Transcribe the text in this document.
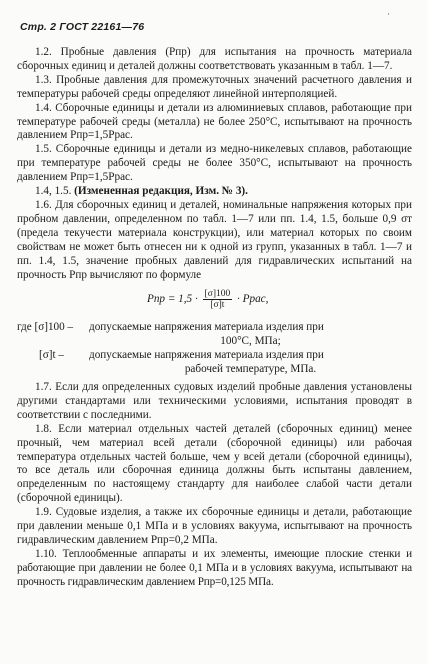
Стр. 2 ГОСТ 22161—76
·

1.2. Пробные давления (Pпр) для испытания на прочность материала сборочных единиц и деталей должны соответствовать указанным в табл. 1—7.

1.3. Пробные давления для промежуточных значений расчетного давления и температуры рабочей среды определяют линейной интерполяцией.

1.4. Сборочные единицы и детали из алюминиевых сплавов, работающие при температуре рабочей среды (металла) не более 250°С, испытывают на прочность давлением Pпр=1,5Pрас.

1.5. Сборочные единицы и детали из медно-никелевых сплавов, работающие при температуре рабочей среды не более 350°С, испытывают на прочность давлением Pпр=1,5Pрас.

1.4, 1.5. (Измененная редакция, Изм. № 3).

1.6. Для сборочных единиц и деталей, номинальные напряжения которых при пробном давлении, определенном по табл. 1—7 или пп. 1.4, 1.5, больше 0,9 σт (предела текучести материала конструкции), или материал которых по своим свойствам не может быть отнесен ни к одной из групп, указанных в табл. 1—7 и пп. 1.4, 1.5, значение пробных давлений для гидравлических испытаний на прочность Pпр вычисляют по формуле

Pпр = $1,5 \cdot \frac{[\sigma]100}{[\sigma]t}$ · Pрас,
где [σ]100 –	допускаемые напряжения материала изделия при
100°С, МПа;
[σ]t –	допускаемые напряжения материала изделия при
рабочей температуре, МПа.

1.7. Если для определенных судовых изделий пробные давления установлены другими стандартами или техническими условиями, испытания проводят в соответствии с последними.

1.8. Если материал отдельных частей деталей (сборочных единиц) менее прочный, чем материал всей детали (сборочной единицы) или рабочая температура отдельных частей больше, чем у всей детали (сборочной единицы), то все деталь или сборочная единица должны быть испытаны давлением, определенным по настоящему стандарту для наиболее слабой части детали (сборочной единицы).

1.9. Судовые изделия, а также их сборочные единицы и детали, работающие при давлении меньше 0,1 МПа и в условиях вакуума, испытывают на прочность гидравлическим давлением Pпр=0,2 МПа.

1.10. Теплообменные аппараты и их элементы, имеющие плоские стенки и работающие при давлении не более 0,1 МПа и в условиях вакуума, испытывают на прочность гидравлическим давлением Pпр=0,125 МПа.
